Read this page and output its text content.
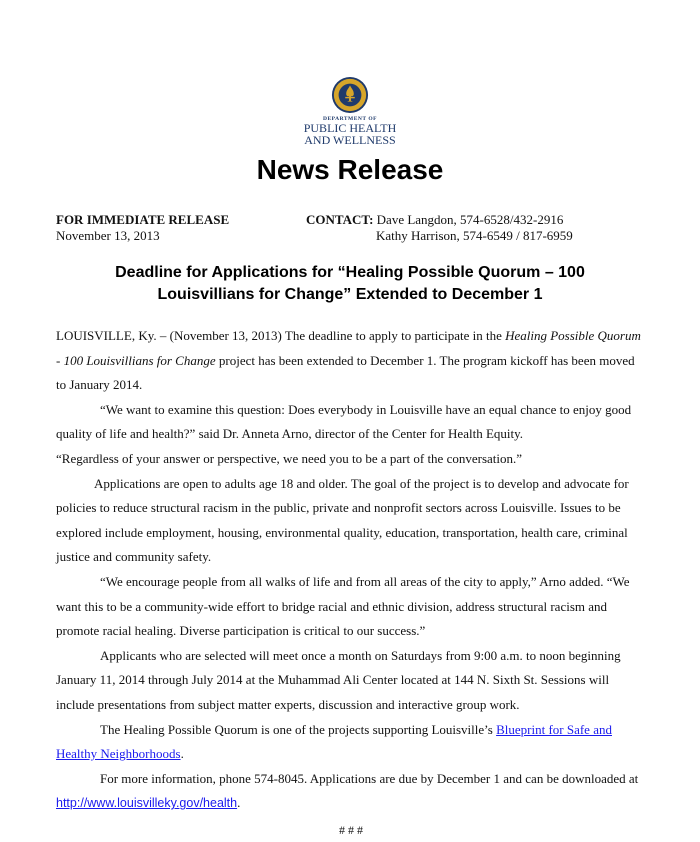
DEPARTMENT OF
PUBLIC HEALTH
AND WELLNESS
News Release
FOR IMMEDIATE RELEASE
November 13, 2013
CONTACT: Dave Langdon, 574-6528/432-2916
Kathy Harrison, 574-6549 / 817-6959
Deadline for Applications for “Healing Possible Quorum – 100
Louisvillians for Change” Extended to December 1

LOUISVILLE, Ky. – (November 13, 2013) The deadline to apply to participate in the Healing Possible Quorum - 100 Louisvillians for Change project has been extended to December 1. The program kickoff has been moved to January 2014.

“We want to examine this question: Does everybody in Louisville have an equal chance to enjoy good quality of life and health?” said Dr. Anneta Arno, director of the Center for Health Equity.

“Regardless of your answer or perspective, we need you to be a part of the conversation.”

Applications are open to adults age 18 and older. The goal of the project is to develop and advocate for policies to reduce structural racism in the public, private and nonprofit sectors across Louisville. Issues to be explored include employment, housing, environmental quality, education, transportation, health care, criminal justice and community safety.

“We encourage people from all walks of life and from all areas of the city to apply,” Arno added. “We want this to be a community-wide effort to bridge racial and ethnic division, address structural racism and promote racial healing. Diverse participation is critical to our success.”

Applicants who are selected will meet once a month on Saturdays from 9:00 a.m. to noon beginning January 11, 2014 through July 2014 at the Muhammad Ali Center located at 144 N. Sixth St. Sessions will include presentations from subject matter experts, discussion and interactive group work.

The Healing Possible Quorum is one of the projects supporting Louisville’s Blueprint for Safe and Healthy Neighborhoods.

For more information, phone 574-8045. Applications are due by December 1 and can be downloaded at http://www.louisvilleky.gov/health.

# # #
